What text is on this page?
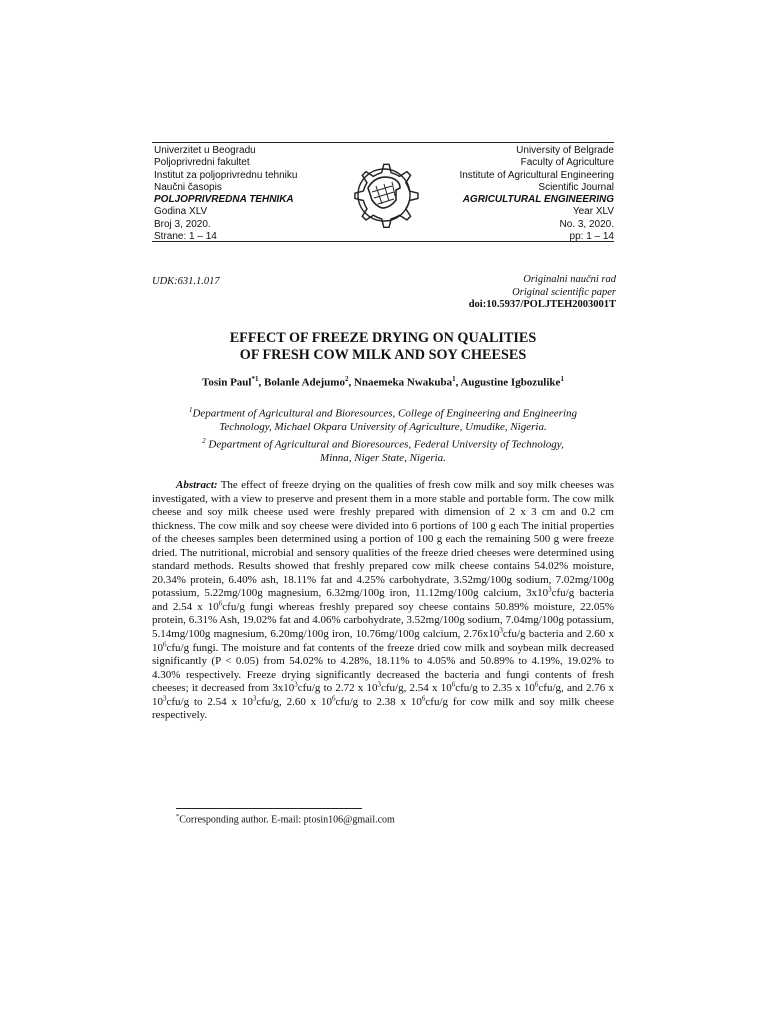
Univerzitet u Beogradu
Poljoprivredni fakultet
Institut za poljoprivrednu tehniku
Naučni časopis
POLJOPRIVREDNA TEHNIKA
Godina XLV
Broj 3, 2020.
Strane: 1 – 14
University of Belgrade
Faculty of Agriculture
Institute of Agricultural Engineering
Scientific Journal
AGRICULTURAL ENGINEERING
Year XLV
No. 3, 2020.
pp: 1 – 14
UDK:631.1.017	Originalni naučni rad
Original scientific paper
doi:10.5937/POLJTEH2003001T
EFFECT OF FREEZE DRYING ON QUALITIES
OF FRESH COW MILK AND SOY CHEESES
Tosin Paul$^{*1}$, Bolanle Adejumo$^2$, Nnaemeka Nwakuba$^1$, Augustine Igbozulike$^1$
$^1$Department of Agricultural and Bioresources, College of Engineering and Engineering
Technology, Michael Okpara University of Agriculture, Umudike, Nigeria.
$^2$ Department of Agricultural and Bioresources, Federal University of Technology,
Minna, Niger State, Nigeria.

Abstract: The effect of freeze drying on the qualities of fresh cow milk and soy milk cheeses was investigated, with a view to preserve and present them in a more stable and portable form. The cow milk cheese and soy milk cheese used were freshly prepared with dimension of 2 x 3 cm and 0.2 cm thickness. The cow milk and soy cheese were divided into 6 portions of 100 g each The initial properties of the cheeses samples been determined using a portion of 100 g each the remaining 500 g were freeze dried. The nutritional, microbial and sensory qualities of the freeze dried cheeses were determined using standard methods. Results showed that freshly prepared cow milk cheese contains 54.02% moisture, 20.34% protein, 6.40% ash, 18.11% fat and 4.25% carbohydrate, 3.52mg/100g sodium, 7.02mg/100g potassium, 5.22mg/100g magnesium, 6.32mg/100g iron, 11.12mg/100g calcium, $3x10^3cfu/g$ bacteria and 2.54 x $10^6cfu/g$ fungi whereas freshly prepared soy cheese contains 50.89% moisture, 22.05% protein, 6.31% Ash, 19.02% fat and 4.06% carbohydrate, 3.52mg/100g sodium, 7.04mg/100g potassium, 5.14mg/100g magnesium, 6.20mg/100g iron, 10.76mg/100g calcium, $2.76x10^3cfu/g$ bacteria and 2.60 x $10^6cfu/g$ fungi. The moisture and fat contents of the freeze dried cow milk and soybean milk decreased significantly (P < 0.05) from 54.02% to 4.28%, 18.11% to 4.05% and 50.89% to 4.19%, 19.02% to 4.30% respectively. Freeze drying significantly decreased the bacteria and fungi contents of fresh cheeses; it decreased from $3x10^3cfu/g$ to 2.72 x $10^3cfu/g$, 2.54 x $10^6cfu/g$ to 2.35 x $10^6cfu/g$, and 2.76 x $10^3cfu/g$ to 2.54 x $10^3cfu/g$, 2.60 x $10^6cfu/g$ to 2.38 x $10^6cfu/g$ for cow milk and soy milk cheese respectively.

*Corresponding author. E-mail: ptosin106@gmail.com
